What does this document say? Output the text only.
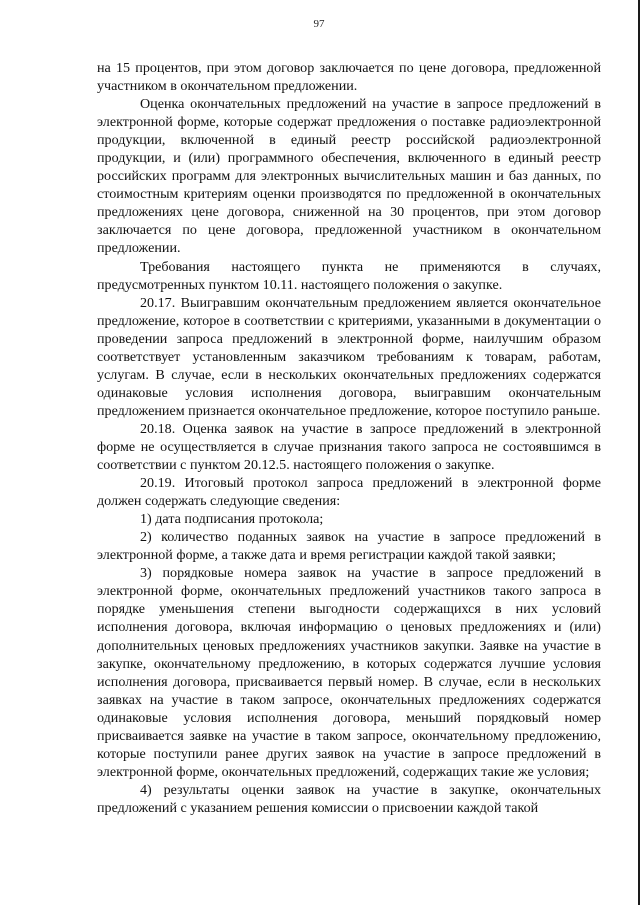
97

на 15 процентов, при этом договор заключается по цене договора, предложенной участником в окончательном предложении.

Оценка окончательных предложений на участие в запросе предложений в электронной форме, которые содержат предложения о поставке радиоэлектронной продукции, включенной в единый реестр российской радиоэлектронной продукции, и (или) программного обеспечения, включенного в единый реестр российских программ для электронных вычислительных машин и баз данных, по стоимостным критериям оценки производятся по предложенной в окончательных предложениях цене договора, сниженной на 30 процентов, при этом договор заключается по цене договора, предложенной участником в окончательном предложении.

Требования настоящего пункта не применяются в случаях, предусмотренных пунктом 10.11. настоящего положения о закупке.

20.17. Выигравшим окончательным предложением является окончательное предложение, которое в соответствии с критериями, указанными в документации о проведении запроса предложений в электронной форме, наилучшим образом соответствует установленным заказчиком требованиям к товарам, работам, услугам. В случае, если в нескольких окончательных предложениях содержатся одинаковые условия исполнения договора, выигравшим окончательным предложением признается окончательное предложение, которое поступило раньше.

20.18. Оценка заявок на участие в запросе предложений в электронной форме не осуществляется в случае признания такого запроса не состоявшимся в соответствии с пунктом 20.12.5. настоящего положения о закупке.

20.19. Итоговый протокол запроса предложений в электронной форме должен содержать следующие сведения:

1) дата подписания протокола;

2) количество поданных заявок на участие в запросе предложений в электронной форме, а также дата и время регистрации каждой такой заявки;

3) порядковые номера заявок на участие в запросе предложений в электронной форме, окончательных предложений участников такого запроса в порядке уменьшения степени выгодности содержащихся в них условий исполнения договора, включая информацию о ценовых предложениях и (или) дополнительных ценовых предложениях участников закупки. Заявке на участие в закупке, окончательному предложению, в которых содержатся лучшие условия исполнения договора, присваивается первый номер. В случае, если в нескольких заявках на участие в таком запросе, окончательных предложениях содержатся одинаковые условия исполнения договора, меньший порядковый номер присваивается заявке на участие в таком запросе, окончательному предложению, которые поступили ранее других заявок на участие в запросе предложений в электронной форме, окончательных предложений, содержащих такие же условия;

4) результаты оценки заявок на участие в закупке, окончательных предложений с указанием решения комиссии о присвоении каждой такой
